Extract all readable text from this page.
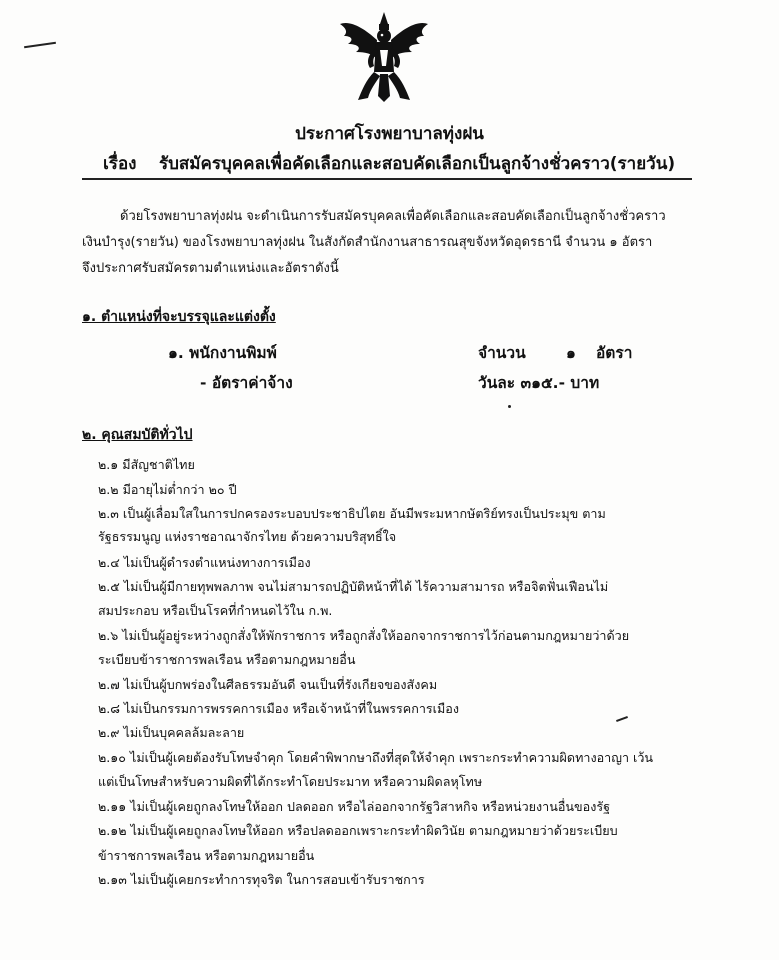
ประกาศโรงพยาบาลทุ่งฝน
เรื่อง รับสมัครบุคคลเพื่อคัดเลือกและสอบคัดเลือกเป็นลูกจ้างชั่วคราว(รายวัน)
ด้วยโรงพยาบาลทุ่งฝน จะดำเนินการรับสมัครบุคคลเพื่อคัดเลือกและสอบคัดเลือกเป็นลูกจ้างชั่วคราว
เงินบำรุง(รายวัน) ของโรงพยาบาลทุ่งฝน ในสังกัดสำนักงานสาธารณสุขจังหวัดอุดรธานี จำนวน ๑ อัตรา
จึงประกาศรับสมัครตามตำแหน่งและอัตราดังนี้
๑. ตำแหน่งที่จะบรรจุและแต่งตั้ง
๑. พนักงานพิมพ์	จำนวน	๑ อัตรา
- อัตราค่าจ้าง	วันละ ๓๑๕.- บาท
๒. คุณสมบัติทั่วไป
๒.๑ มีสัญชาติไทย
๒.๒ มีอายุไม่ต่ำกว่า ๒๐ ปี
๒.๓ เป็นผู้เลื่อมใสในการปกครองระบอบประชาธิปไตย อันมีพระมหากษัตริย์ทรงเป็นประมุข ตาม
รัฐธรรมนูญ แห่งราชอาณาจักรไทย ด้วยความบริสุทธิ์ใจ
๒.๔ ไม่เป็นผู้ดำรงตำแหน่งทางการเมือง
๒.๕ ไม่เป็นผู้มีกายทุพพลภาพ จนไม่สามารถปฏิบัติหน้าที่ได้ ไร้ความสามารถ หรือจิตฟั่นเฟือนไม่
สมประกอบ หรือเป็นโรคที่กำหนดไว้ใน ก.พ.
๒.๖ ไม่เป็นผู้อยู่ระหว่างถูกสั่งให้พักราชการ หรือถูกสั่งให้ออกจากราชการไว้ก่อนตามกฎหมายว่าด้วย
ระเบียบข้าราชการพลเรือน หรือตามกฎหมายอื่น
๒.๗ ไม่เป็นผู้บกพร่องในศีลธรรมอันดี จนเป็นที่รังเกียจของสังคม
๒.๘ ไม่เป็นกรรมการพรรคการเมือง หรือเจ้าหน้าที่ในพรรคการเมือง
๒.๙ ไม่เป็นบุคคลล้มละลาย
๒.๑๐ ไม่เป็นผู้เคยต้องรับโทษจำคุก โดยคำพิพากษาถึงที่สุดให้จำคุก เพราะกระทำความผิดทางอาญา เว้น
แต่เป็นโทษสำหรับความผิดที่ได้กระทำโดยประมาท หรือความผิดลหุโทษ
๒.๑๑ ไม่เป็นผู้เคยถูกลงโทษให้ออก ปลดออก หรือไล่ออกจากรัฐวิสาหกิจ หรือหน่วยงานอื่นของรัฐ
๒.๑๒ ไม่เป็นผู้เคยถูกลงโทษให้ออก หรือปลดออกเพราะกระทำผิดวินัย ตามกฎหมายว่าด้วยระเบียบ
ข้าราชการพลเรือน หรือตามกฎหมายอื่น
๒.๑๓ ไม่เป็นผู้เคยกระทำการทุจริต ในการสอบเข้ารับราชการ
